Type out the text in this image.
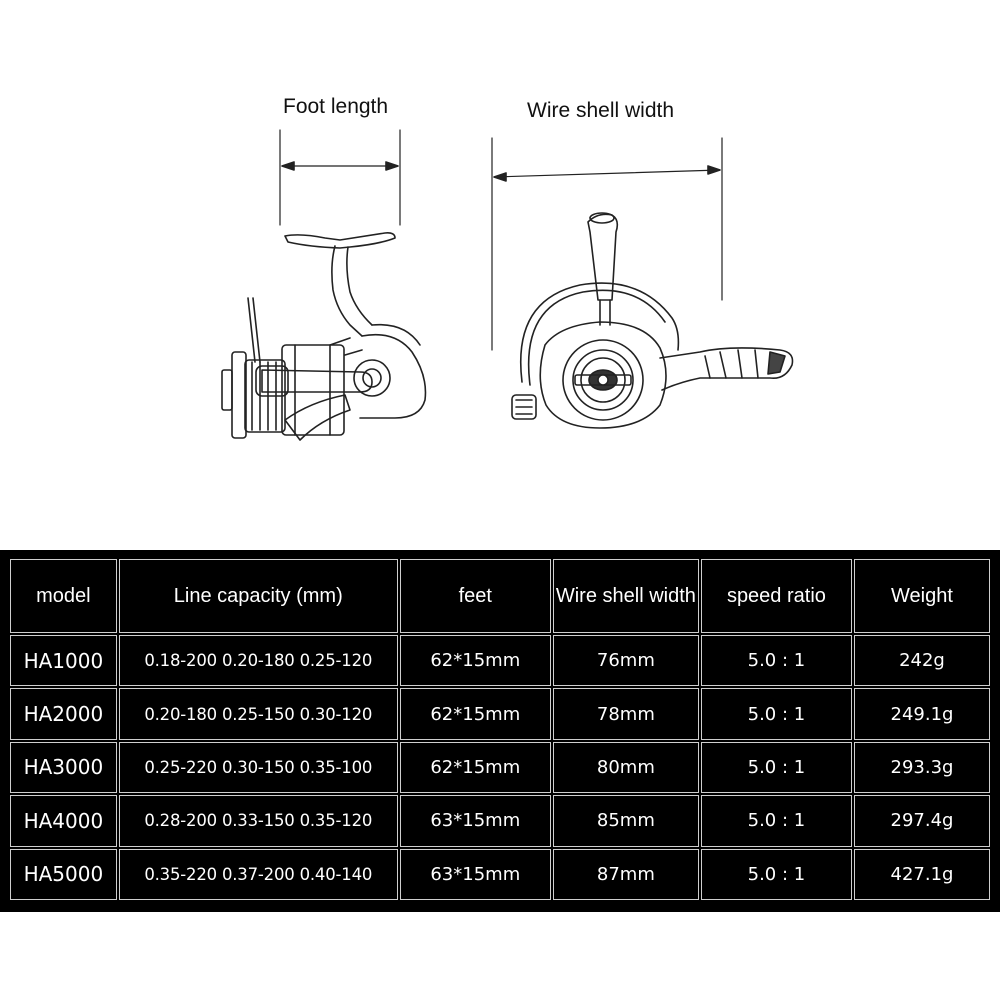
Foot length	Wire shell width
model	Line capacity (mm)	feet	Wire shell width	speed ratio	Weight
HA1000	0.18-200 0.20-180 0.25-120	62*15mm	76mm	5.0 : 1	242g
HA2000	0.20-180 0.25-150 0.30-120	62*15mm	78mm	5.0 : 1	249.1g
HA3000	0.25-220 0.30-150 0.35-100	62*15mm	80mm	5.0 : 1	293.3g
HA4000	0.28-200 0.33-150 0.35-120	63*15mm	85mm	5.0 : 1	297.4g
HA5000	0.35-220 0.37-200 0.40-140	63*15mm	87mm	5.0 : 1	427.1g
